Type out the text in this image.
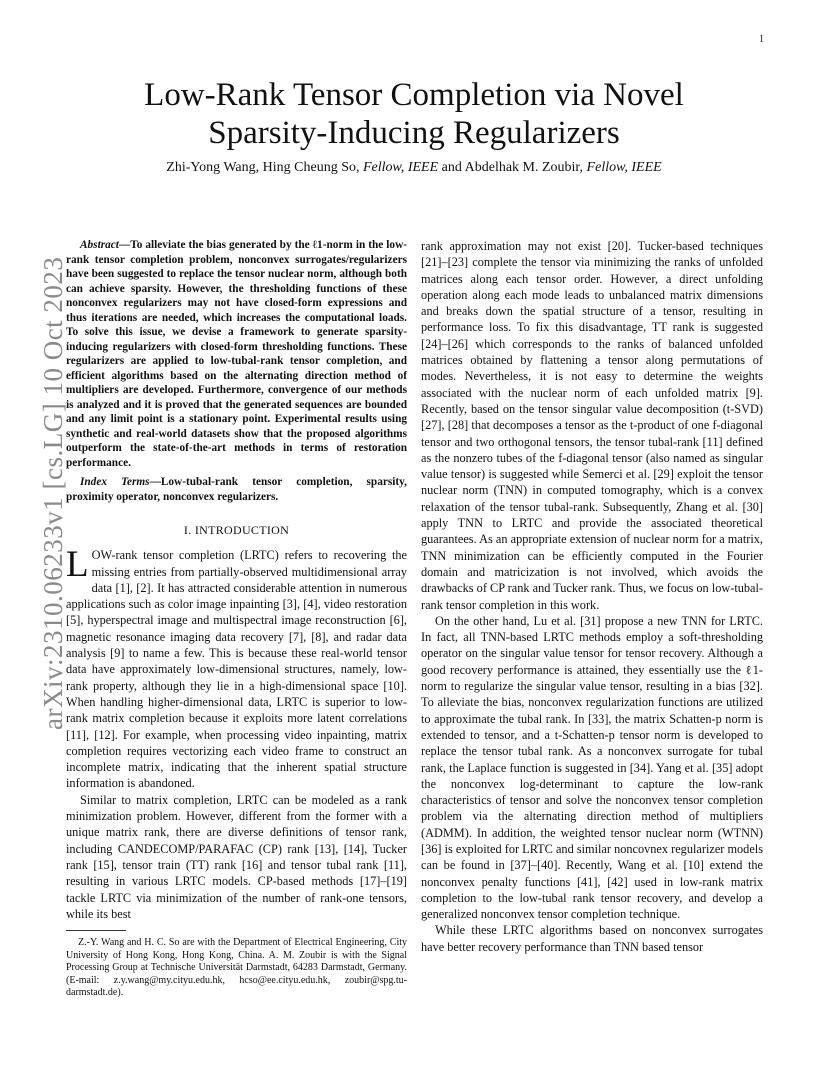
1
arXiv:2310.06233v1 [cs.LG] 10 Oct 2023
Low-Rank Tensor Completion via Novel
Sparsity-Inducing Regularizers
Zhi-Yong Wang, Hing Cheung So, Fellow, IEEE and Abdelhak M. Zoubir, Fellow, IEEE

Abstract—To alleviate the bias generated by the ℓ1-norm in the low-rank tensor completion problem, nonconvex surrogates/regularizers have been suggested to replace the tensor nuclear norm, although both can achieve sparsity. However, the thresholding functions of these nonconvex regularizers may not have closed-form expressions and thus iterations are needed, which increases the computational loads. To solve this issue, we devise a framework to generate sparsity-inducing regularizers with closed-form thresholding functions. These regularizers are applied to low-tubal-rank tensor completion, and efficient algorithms based on the alternating direction method of multipliers are developed. Furthermore, convergence of our methods is analyzed and it is proved that the generated sequences are bounded and any limit point is a stationary point. Experimental results using synthetic and real-world datasets show that the proposed algorithms outperform the state-of-the-art methods in terms of restoration performance.

Index Terms—Low-tubal-rank tensor completion, sparsity, proximity operator, nonconvex regularizers.

I. INTRODUCTION

LOW-rank tensor completion (LRTC) refers to recovering the missing entries from partially-observed multidimensional array data [1], [2]. It has attracted considerable attention in numerous applications such as color image inpainting [3], [4], video restoration [5], hyperspectral image and multispectral image reconstruction [6], magnetic resonance imaging data recovery [7], [8], and radar data analysis [9] to name a few. This is because these real-world tensor data have approximately low-dimensional structures, namely, low-rank property, although they lie in a high-dimensional space [10]. When handling higher-dimensional data, LRTC is superior to low-rank matrix completion because it exploits more latent correlations [11], [12]. For example, when processing video inpainting, matrix completion requires vectorizing each video frame to construct an incomplete matrix, indicating that the inherent spatial structure information is abandoned.

Similar to matrix completion, LRTC can be modeled as a rank minimization problem. However, different from the former with a unique matrix rank, there are diverse definitions of tensor rank, including CANDECOMP/PARAFAC (CP) rank [13], [14], Tucker rank [15], tensor train (TT) rank [16] and tensor tubal rank [11], resulting in various LRTC models. CP-based methods [17]–[19] tackle LRTC via minimization of the number of rank-one tensors, while its best

Z.-Y. Wang and H. C. So are with the Department of Electrical Engineering, City University of Hong Kong, Hong Kong, China. A. M. Zoubir is with the Signal Processing Group at Technische Universität Darmstadt, 64283 Darmstadt, Germany. (E-mail: z.y.wang@my.cityu.edu.hk, hcso@ee.cityu.edu.hk, zoubir@spg.tu-darmstadt.de).

rank approximation may not exist [20]. Tucker-based techniques [21]–[23] complete the tensor via minimizing the ranks of unfolded matrices along each tensor order. However, a direct unfolding operation along each mode leads to unbalanced matrix dimensions and breaks down the spatial structure of a tensor, resulting in performance loss. To fix this disadvantage, TT rank is suggested [24]–[26] which corresponds to the ranks of balanced unfolded matrices obtained by flattening a tensor along permutations of modes. Nevertheless, it is not easy to determine the weights associated with the nuclear norm of each unfolded matrix [9]. Recently, based on the tensor singular value decomposition (t-SVD) [27], [28] that decomposes a tensor as the t-product of one f-diagonal tensor and two orthogonal tensors, the tensor tubal-rank [11] defined as the nonzero tubes of the f-diagonal tensor (also named as singular value tensor) is suggested while Semerci et al. [29] exploit the tensor nuclear norm (TNN) in computed tomography, which is a convex relaxation of the tensor tubal-rank. Subsequently, Zhang et al. [30] apply TNN to LRTC and provide the associated theoretical guarantees. As an appropriate extension of nuclear norm for a matrix, TNN minimization can be efficiently computed in the Fourier domain and matricization is not involved, which avoids the drawbacks of CP rank and Tucker rank. Thus, we focus on low-tubal-rank tensor completion in this work.

On the other hand, Lu et al. [31] propose a new TNN for LRTC. In fact, all TNN-based LRTC methods employ a soft-thresholding operator on the singular value tensor for tensor recovery. Although a good recovery performance is attained, they essentially use the ℓ1-norm to regularize the singular value tensor, resulting in a bias [32]. To alleviate the bias, nonconvex regularization functions are utilized to approximate the tubal rank. In [33], the matrix Schatten-p norm is extended to tensor, and a t-Schatten-p tensor norm is developed to replace the tensor tubal rank. As a nonconvex surrogate for tubal rank, the Laplace function is suggested in [34]. Yang et al. [35] adopt the nonconvex log-determinant to capture the low-rank characteristics of tensor and solve the nonconvex tensor completion problem via the alternating direction method of multipliers (ADMM). In addition, the weighted tensor nuclear norm (WTNN) [36] is exploited for LRTC and similar noncovnex regularizer models can be found in [37]–[40]. Recently, Wang et al. [10] extend the nonconvex penalty functions [41], [42] used in low-rank matrix completion to the low-tubal rank tensor recovery, and develop a generalized nonconvex tensor completion technique.

While these LRTC algorithms based on nonconvex surrogates have better recovery performance than TNN based tensor
